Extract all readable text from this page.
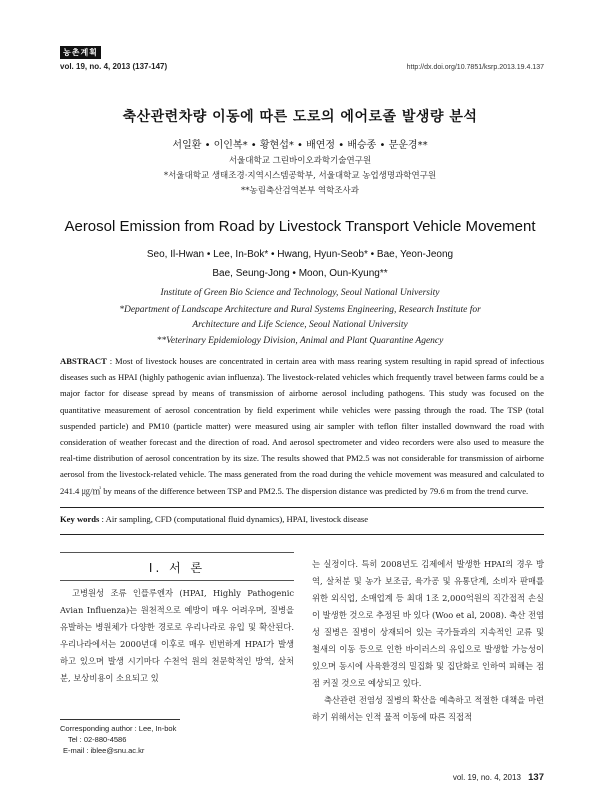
농촌계획
vol. 19, no. 4, 2013 (137-147)	http://dx.doi.org/10.7851/ksrp.2013.19.4.137
축산관련차량 이동에 따른 도로의 에어로졸 발생량 분석
서일환 • 이인복* • 황현섭* • 배연정 • 배승종 • 문운경**
서울대학교 그린바이오과학기술연구원
*서울대학교 생태조경·지역시스템공학부, 서울대학교 농업생명과학연구원
**농림축산검역본부 역학조사과
Aerosol Emission from Road by Livestock Transport Vehicle Movement
Seo, Il-Hwan • Lee, In-Bok* • Hwang, Hyun-Seob* • Bae, Yeon-Jeong
Bae, Seung-Jong • Moon, Oun-Kyung**
Institute of Green Bio Science and Technology, Seoul National University
*Department of Landscape Architecture and Rural Systems Engineering, Research Institute for
Architecture and Life Science, Seoul National University
**Veterinary Epidemiology Division, Animal and Plant Quarantine Agency
ABSTRACT : Most of livestock houses are concentrated in certain area with mass rearing system resulting in rapid spread of infectious diseases such as HPAI (highly pathogenic avian influenza). The livestock-related vehicles which frequently travel between farms could be a major factor for disease spread by means of transmission of airborne aerosol including pathogens. This study was focused on the quantitative measurement of aerosol concentration by field experiment while vehicles were passing through the road. The TSP (total suspended particle) and PM10 (particle matter) were measured using air sampler with teflon filter installed downward the road with consideration of weather forecast and the direction of road. And aerosol spectrometer and video recorders were also used to measure the real-time distribution of aerosol concentration by its size. The results showed that PM2.5 was not considerable for transmission of airborne aerosol from the livestock-related vehicle. The mass generated from the road during the vehicle movement was measured and calculated to 241.4 ㎍/㎥ by means of the difference between TSP and PM2.5. The dispersion distance was predicted by 79.6 m from the trend curve.
Key words : Air sampling, CFD (computational fluid dynamics), HPAI, livestock disease
I. 서 론

고병원성 조류 인플루엔자 (HPAI, Highly Pathogenic Avian Influenza)는 원천적으로 예방이 매우 어려우며, 질병을 유발하는 병원체가 다양한 경로로 우리나라로 유입 및 확산된다. 우리나라에서는 2000년대 이후로 매우 빈번하게 HPAI가 발생하고 있으며 발생 시기마다 수천억 원의 천문학적인 방역, 살처분, 보상비용이 소요되고 있

는 실정이다. 특히 2008년도 김제에서 발생한 HPAI의 경우 방역, 살처분 및 농가 보조금, 육가공 및 유통단계, 소비자 판매를 위한 외식업, 소매업계 등 최대 1조 2,000억원의 직간접적 손실이 발생한 것으로 추정된 바 있다 (Woo et al, 2008). 축산 전염성 질병은 질병이 상재되어 있는 국가들과의 지속적인 교류 및 철새의 이동 등으로 인한 바이러스의 유입으로 발생할 가능성이 있으며 동시에 사육환경의 밀집화 및 집단화로 인하여 피해는 점점 커질 것으로 예상되고 있다.

축산관련 전염성 질병의 확산을 예측하고 적절한 대책을 마련하기 위해서는 인적 물적 이동에 따른 직접적

Corresponding author : Lee, In-bok
Tel : 02-880-4586
E-mail : iblee@snu.ac.kr
vol. 19, no. 4, 2013 137
